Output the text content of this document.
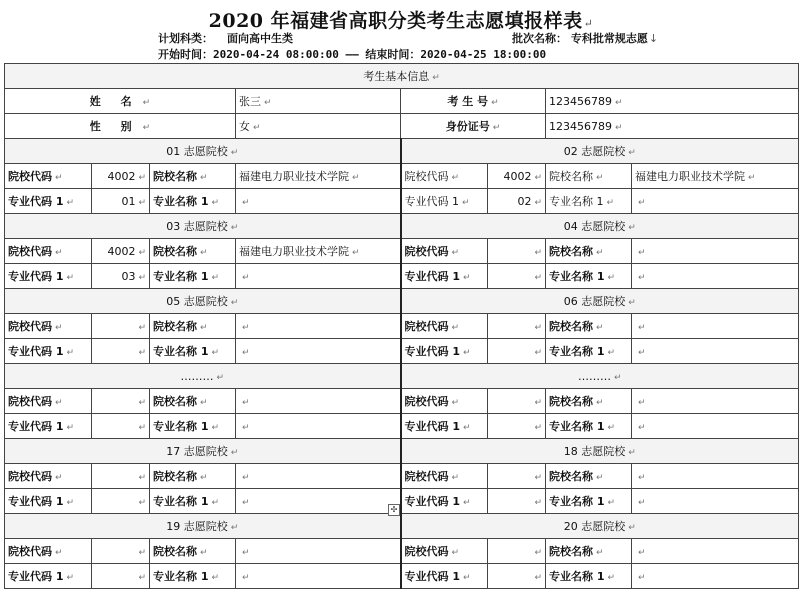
2020 年福建省高职分类考生志愿填报样表↵
计划科类： 面向高中生类	批次名称： 专科批常规志愿↓
开始时间：2020-04-24 08:00:00 —— 结束时间：2020-04-25 18:00:00
考生基本信息 ↵
姓 名 ↵			张三 ↵	考 生 号 ↵		123456789 ↵
性 别 ↵			女 ↵	身份证号 ↵		123456789 ↵
01 志愿院校 ↵				02 志愿院校 ↵
院校代码 ↵	4002 ↵	院校名称 ↵	福建电力职业技术学院 ↵	院校代码 ↵	4002 ↵	院校名称 ↵	福建电力职业技术学院 ↵
专业代码 1 ↵	01 ↵	专业名称 1 ↵	↵	专业代码 1 ↵	02 ↵	专业名称 1 ↵	↵
03 志愿院校 ↵				04 志愿院校 ↵
院校代码 ↵	4002 ↵	院校名称 ↵	福建电力职业技术学院 ↵	院校代码 ↵	↵	院校名称 ↵	↵
专业代码 1 ↵	03 ↵	专业名称 1 ↵	↵	专业代码 1 ↵	↵	专业名称 1 ↵	↵
05 志愿院校 ↵				06 志愿院校 ↵
院校代码 ↵	↵	院校名称 ↵	↵	院校代码 ↵	↵	院校名称 ↵	↵
专业代码 1 ↵	↵	专业名称 1 ↵	↵	专业代码 1 ↵	↵	专业名称 1 ↵	↵
……… ↵				……… ↵
院校代码 ↵	↵	院校名称 ↵	↵	院校代码 ↵	↵	院校名称 ↵	↵
专业代码 1 ↵	↵	专业名称 1 ↵	↵	专业代码 1 ↵	↵	专业名称 1 ↵	↵
17 志愿院校 ↵				18 志愿院校 ↵
院校代码 ↵	↵	院校名称 ↵	↵	院校代码 ↵	↵	院校名称 ↵	↵
专业代码 1 ↵	↵	专业名称 1 ↵	↵	专业代码 1 ↵	↵	专业名称 1 ↵	↵
19 志愿院校 ↵				20 志愿院校 ↵
院校代码 ↵	↵	院校名称 ↵	↵	院校代码 ↵	↵	院校名称 ↵	↵
专业代码 1 ↵	↵	专业名称 1 ↵	↵	专业代码 1 ↵	↵	专业名称 1 ↵	↵
✣
